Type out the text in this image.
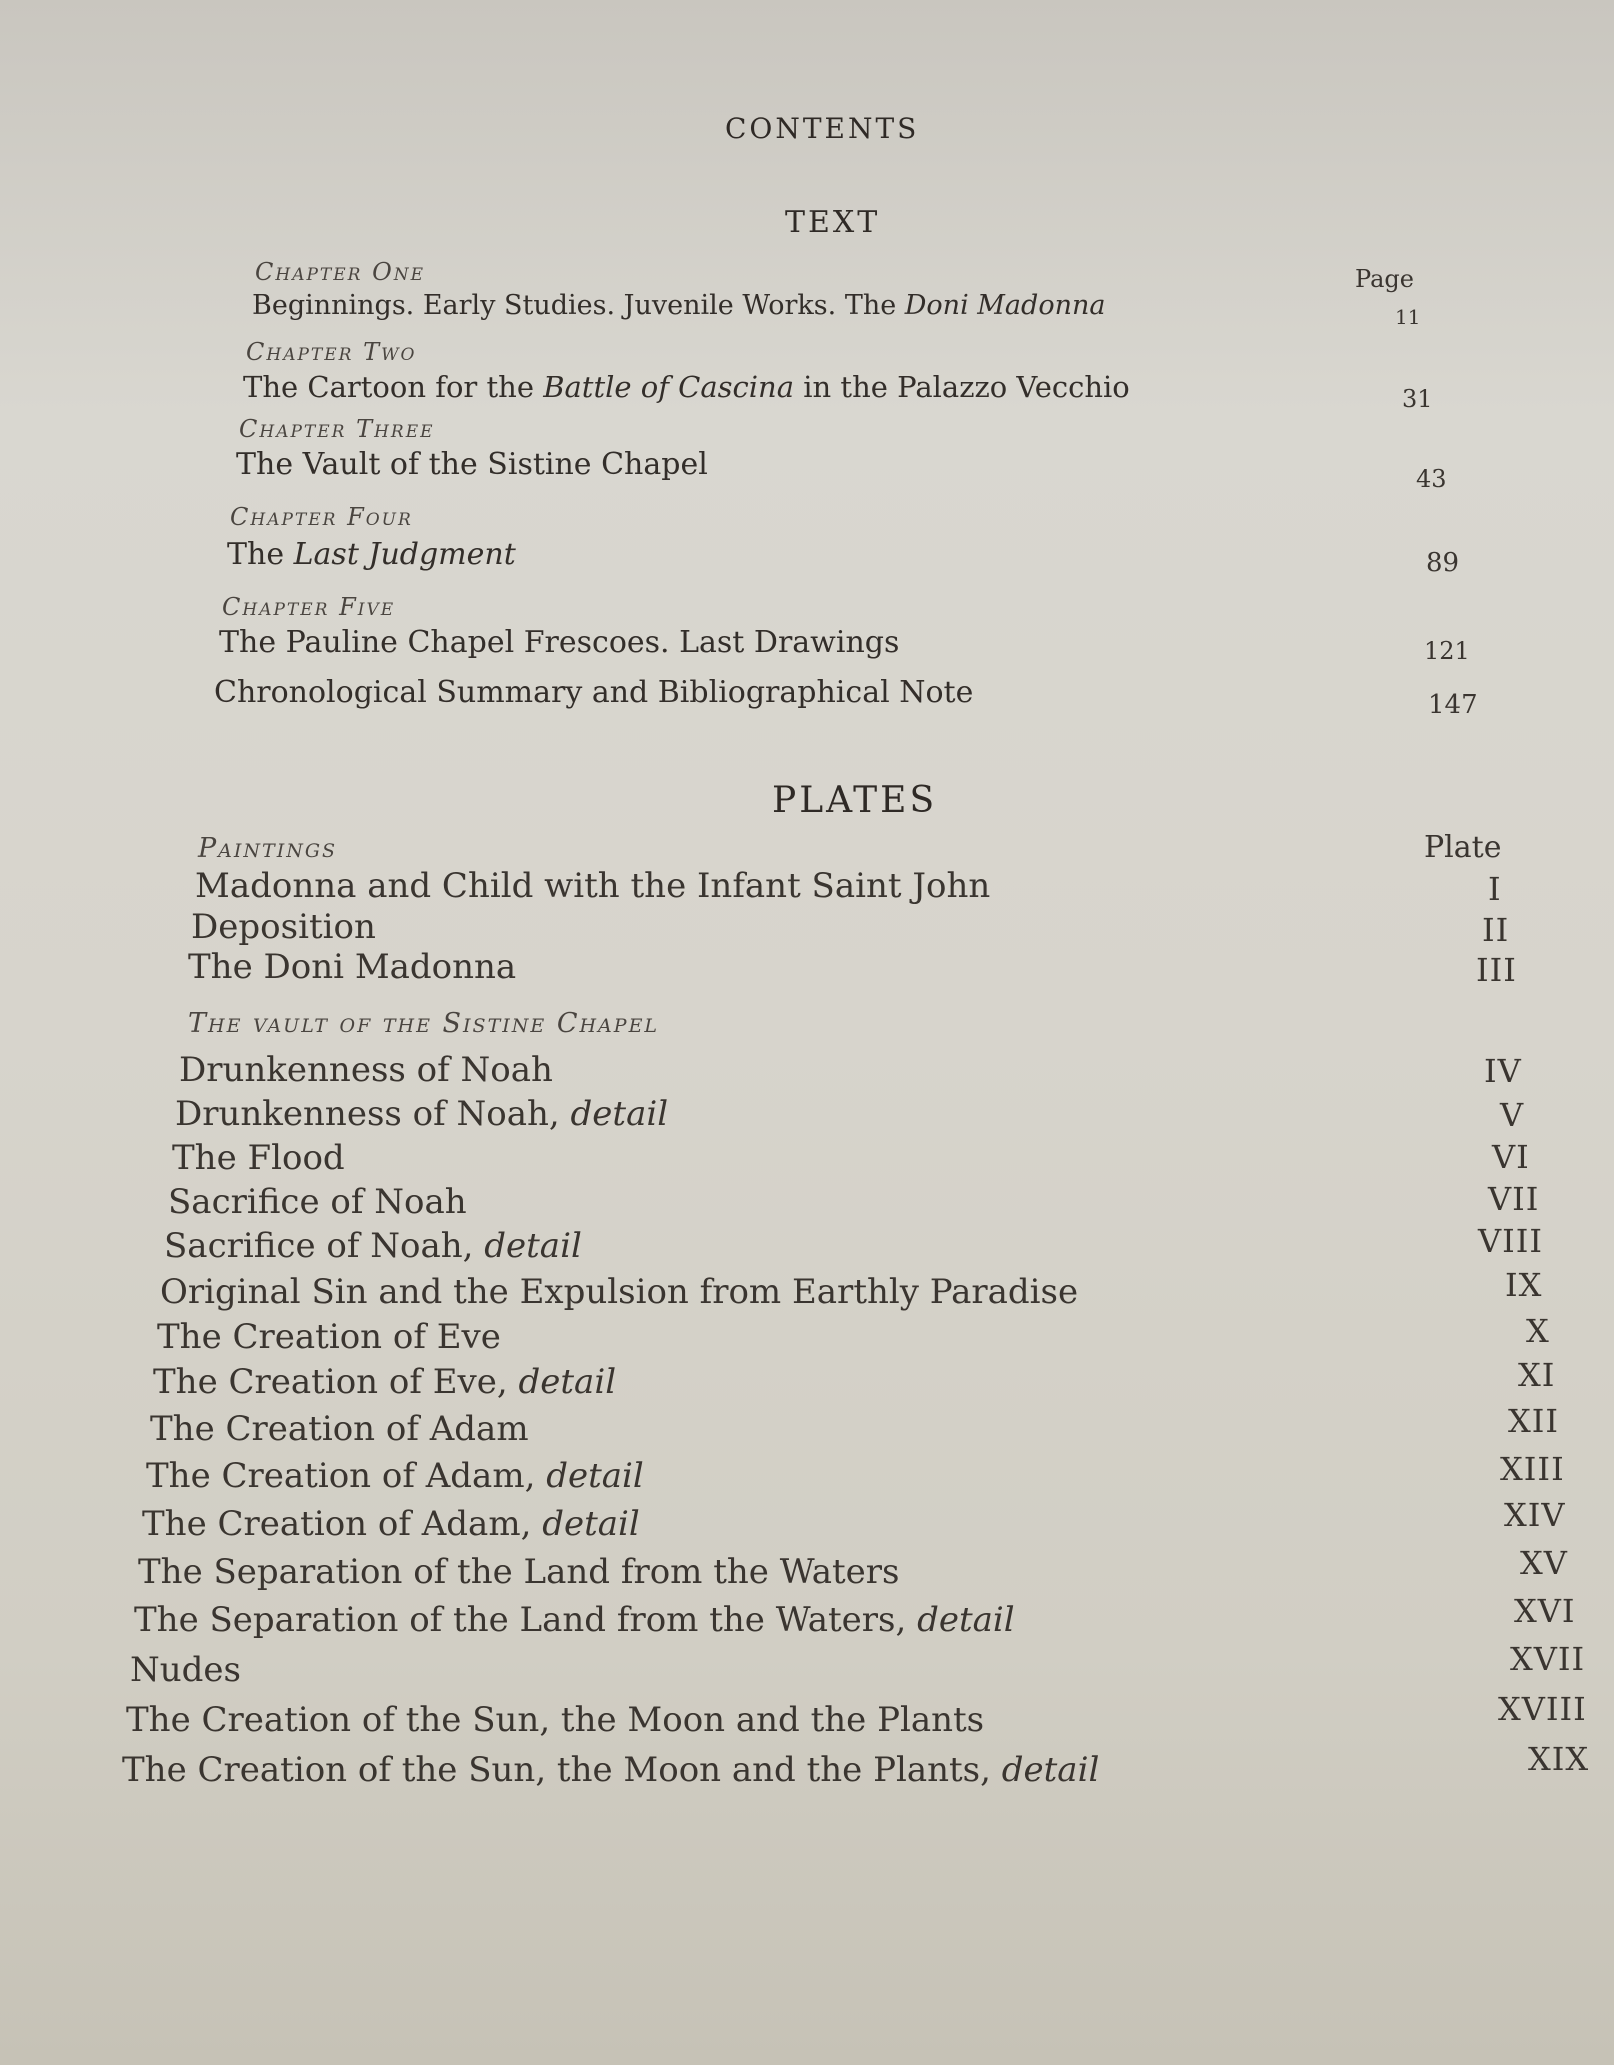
CONTENTS
TEXT
Page
Chapter One
Beginnings. Early Studies. Juvenile Works. The Doni Madonna	11
Chapter Two
The Cartoon for the Battle of Cascina in the Palazzo Vecchio	31
Chapter Three
The Vault of the Sistine Chapel	43
Chapter Four
The Last Judgment	89
Chapter Five
The Pauline Chapel Frescoes. Last Drawings	121
Chronological Summary and Bibliographical Note	147
PLATES
Plate
Paintings
Madonna and Child with the Infant Saint John	I
Deposition	II
The Doni Madonna	III
The vault of the Sistine Chapel
Drunkenness of Noah	IV
Drunkenness of Noah, detail	V
The Flood	VI
Sacrifice of Noah	VII
Sacrifice of Noah, detail	VIII
Original Sin and the Expulsion from Earthly Paradise	IX
The Creation of Eve	X
The Creation of Eve, detail	XI
The Creation of Adam	XII
The Creation of Adam, detail	XIII
The Creation of Adam, detail	XIV
The Separation of the Land from the Waters	XV
The Separation of the Land from the Waters, detail	XVI
Nudes	XVII
The Creation of the Sun, the Moon and the Plants	XVIII
The Creation of the Sun, the Moon and the Plants, detail	XIX
